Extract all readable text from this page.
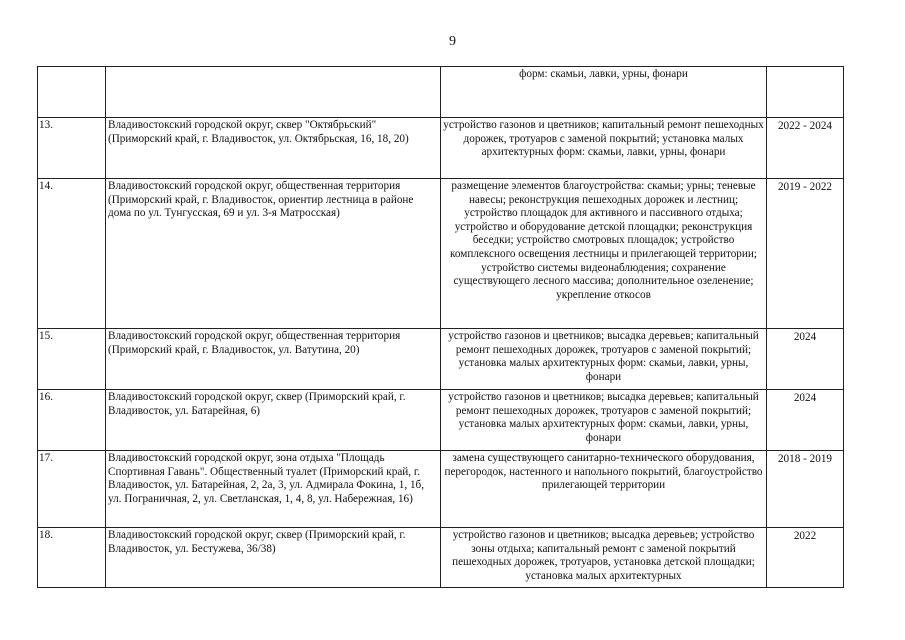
9
		форм: скамьи, лавки, урны, фонари	
13.	Владивостокский городской округ, сквер "Октябрьский" (Приморский край, г. Владивосток, ул. Октябрьская, 16, 18, 20)	устройство газонов и цветников; капитальный ремонт пешеходных дорожек, тротуаров с заменой покрытий; установка малых архитектурных форм: скамьи, лавки, урны, фонари	2022 - 2024
14.	Владивостокский городской округ, общественная территория (Приморский край, г. Владивосток, ориентир лестница в районе дома по ул. Тунгусская, 69 и ул. 3-я Матросская)	размещение элементов благоустройства: скамьи; урны; теневые навесы; реконструкция пешеходных дорожек и лестниц; устройство площадок для активного и пассивного отдыха; устройство и оборудование детской площадки; реконструкция беседки; устройство смотровых площадок; устройство комплексного освещения лестницы и прилегающей территории; устройство системы видеонаблюдения; сохранение существующего лесного массива; дополнительное озеленение; укрепление откосов	2019 - 2022
15.	Владивостокский городской округ, общественная территория (Приморский край, г. Владивосток, ул. Ватутина, 20)	устройство газонов и цветников; высадка деревьев; капитальный ремонт пешеходных дорожек, тротуаров с заменой покрытий; установка малых архитектурных форм: скамьи, лавки, урны, фонари	2024
16.	Владивостокский городской округ, сквер (Приморский край, г. Владивосток, ул. Батарейная, 6)	устройство газонов и цветников; высадка деревьев; капитальный ремонт пешеходных дорожек, тротуаров с заменой покрытий; установка малых архитектурных форм: скамьи, лавки, урны, фонари	2024
17.	Владивостокский городской округ, зона отдыха "Площадь Спортивная Гавань". Общественный туалет (Приморский край, г. Владивосток, ул. Батарейная, 2, 2а, 3, ул. Адмирала Фокина, 1, 1б, ул. Пограничная, 2, ул. Светланская, 1, 4, 8, ул. Набережная, 16)	замена существующего санитарно-технического оборудования, перегородок, настенного и напольного покрытий, благоустройство прилегающей территории	2018 - 2019
18.	Владивостокский городской округ, сквер (Приморский край, г. Владивосток, ул. Бестужева, 36/38)	устройство газонов и цветников; высадка деревьев; устройство зоны отдыха; капитальный ремонт с заменой покрытий пешеходных дорожек, тротуаров, установка детской площадки; установка малых архитектурных	2022
